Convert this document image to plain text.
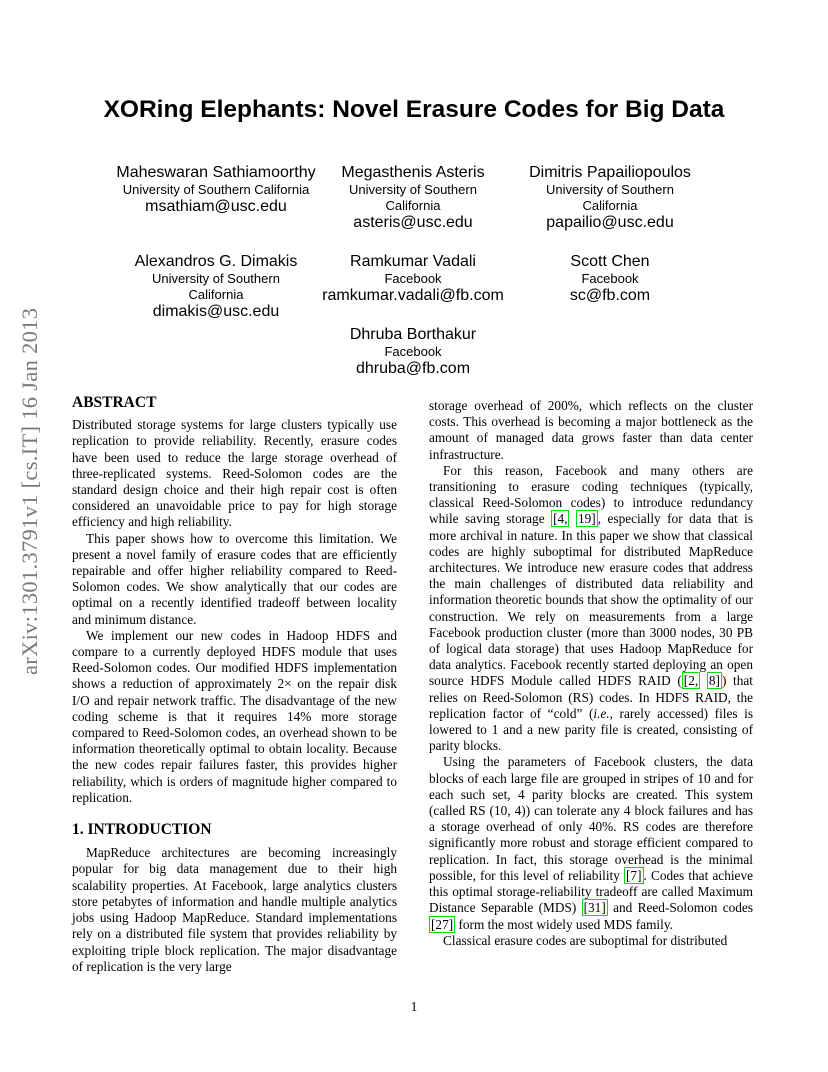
XORing Elephants: Novel Erasure Codes for Big Data
Maheswaran Sathiamoorthy
University of Southern California
msathiam@usc.edu
Megasthenis Asteris
University of Southern California
asteris@usc.edu
Dimitris Papailiopoulos
University of Southern California
papailio@usc.edu
Alexandros G. Dimakis
University of Southern California
dimakis@usc.edu
Ramkumar Vadali
Facebook
ramkumar.vadali@fb.com
Scott Chen
Facebook
sc@fb.com
Dhruba Borthakur
Facebook
dhruba@fb.com
arXiv:1301.3791v1 [cs.IT] 16 Jan 2013 ABSTRACT

Distributed storage systems for large clusters typically use replication to provide reliability. Recently, erasure codes have been used to reduce the large storage overhead of three-replicated systems. Reed-Solomon codes are the standard design choice and their high repair cost is often considered an unavoidable price to pay for high storage efficiency and high reliability.

This paper shows how to overcome this limitation. We present a novel family of erasure codes that are efficiently repairable and offer higher reliability compared to Reed-Solomon codes. We show analytically that our codes are optimal on a recently identified tradeoff between locality and minimum distance.

We implement our new codes in Hadoop HDFS and compare to a currently deployed HDFS module that uses Reed-Solomon codes. Our modified HDFS implementation shows a reduction of approximately 2× on the repair disk I/O and repair network traffic. The disadvantage of the new coding scheme is that it requires 14% more storage compared to Reed-Solomon codes, an overhead shown to be information theoretically optimal to obtain locality. Because the new codes repair failures faster, this provides higher reliability, which is orders of magnitude higher compared to replication.

1. INTRODUCTION

MapReduce architectures are becoming increasingly popular for big data management due to their high scalability properties. At Facebook, large analytics clusters store petabytes of information and handle multiple analytics jobs using Hadoop MapReduce. Standard implementations rely on a distributed file system that provides reliability by exploiting triple block replication. The major disadvantage of replication is the very large

storage overhead of 200%, which reflects on the cluster costs. This overhead is becoming a major bottleneck as the amount of managed data grows faster than data center infrastructure.

For this reason, Facebook and many others are transitioning to erasure coding techniques (typically, classical Reed-Solomon codes) to introduce redundancy while saving storage [4, 19] , especially for data that is more archival in nature. In this paper we show that classical codes are highly suboptimal for distributed MapReduce architectures. We introduce new erasure codes that address the main challenges of distributed data reliability and information theoretic bounds that show the optimality of our construction. We rely on measurements from a large Facebook production cluster (more than 3000 nodes, 30 PB of logical data storage) that uses Hadoop MapReduce for data analytics. Facebook recently started deploying an open source HDFS Module called HDFS RAID ( [2, 8] ) that relies on Reed-Solomon (RS) codes. In HDFS RAID, the replication factor of “cold” (i.e., rarely accessed) files is lowered to 1 and a new parity file is created, consisting of parity blocks.

Using the parameters of Facebook clusters, the data blocks of each large file are grouped in stripes of 10 and for each such set, 4 parity blocks are created. This system (called RS (10, 4)) can tolerate any 4 block failures and has a storage overhead of only 40%. RS codes are therefore significantly more robust and storage efficient compared to replication. In fact, this storage overhead is the minimal possible, for this level of reliability [7] . Codes that achieve this optimal storage-reliability tradeoff are called Maximum Distance Separable (MDS) [31] and Reed-Solomon codes [27] form the most widely used MDS family.

Classical erasure codes are suboptimal for distributed

1
